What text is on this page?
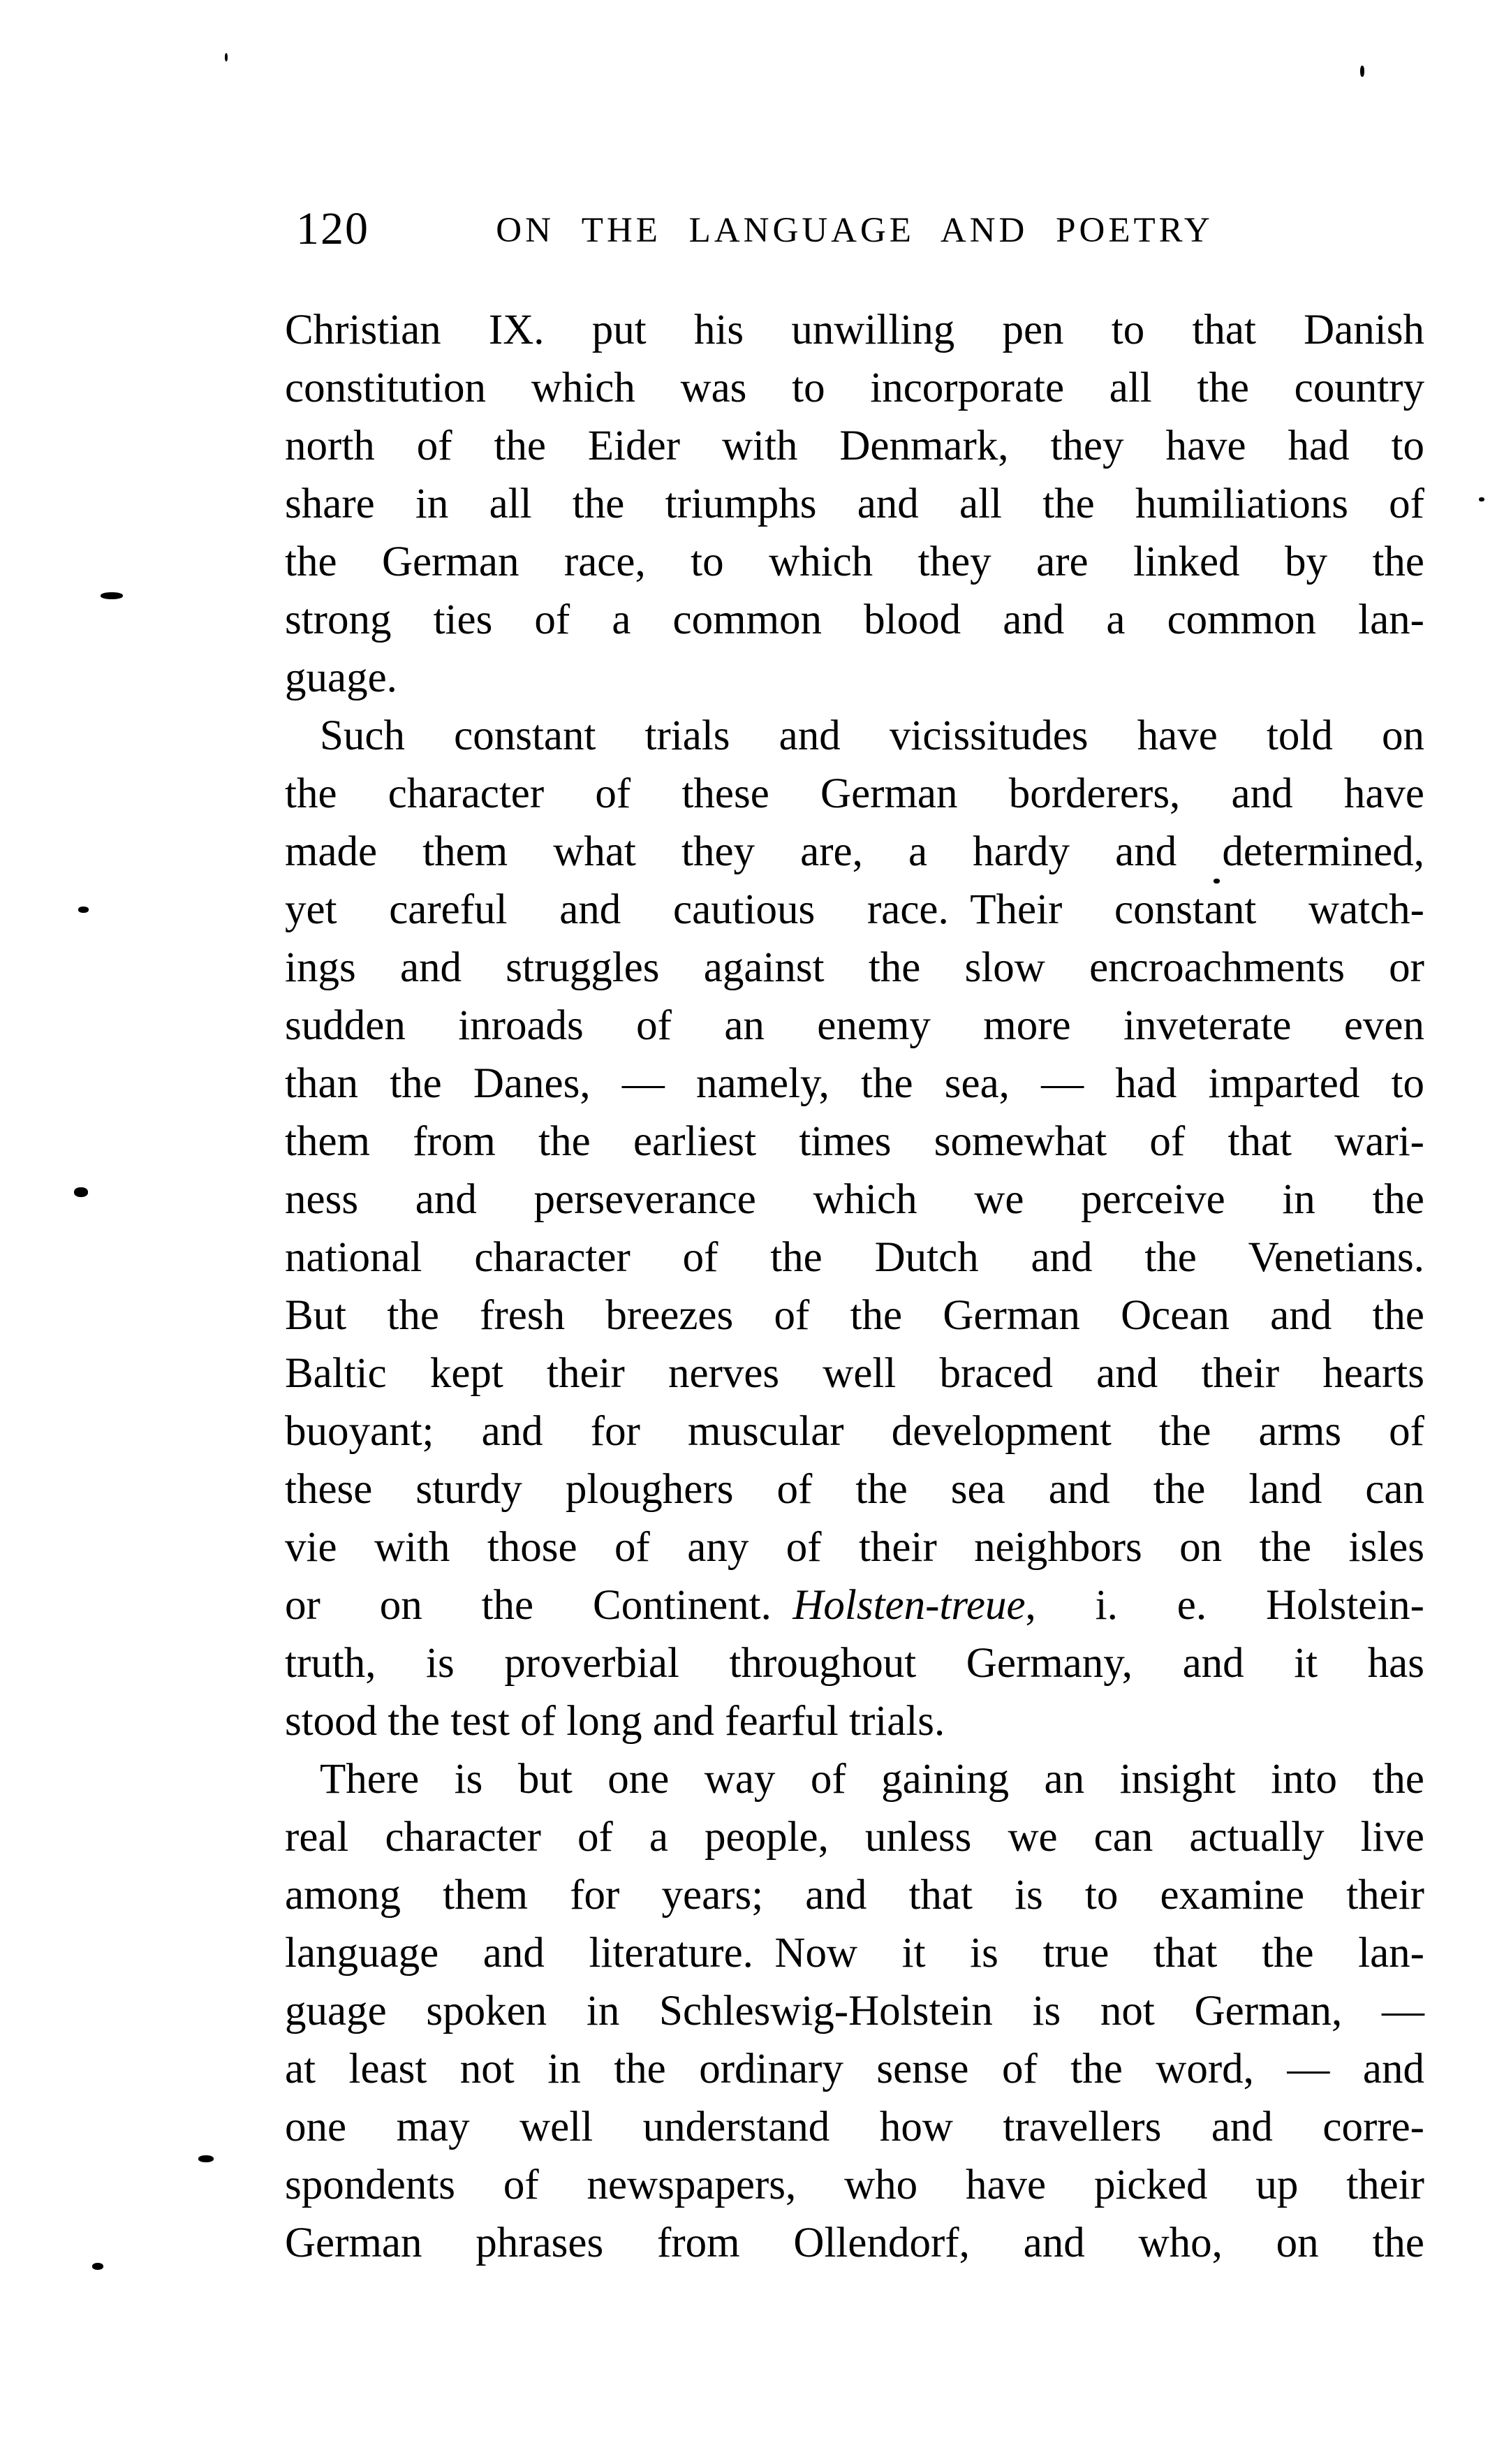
120	ON THE LANGUAGE AND POETRY
Christian IX. put his unwilling pen to that Danish
constitution which was to incorporate all the country
north of the Eider with Denmark, they have had to
share in all the triumphs and all the humiliations of
the German race, to which they are linked by the
strong ties of a common blood and a common lan-
guage.
Such constant trials and vicissitudes have told on
the character of these German borderers, and have
made them what they are, a hardy and determined,
yet careful and cautious race. Their constant watch-
ings and struggles against the slow encroachments or
sudden inroads of an enemy more inveterate even
than the Danes, — namely, the sea, — had imparted to
them from the earliest times somewhat of that wari-
ness and perseverance which we perceive in the
national character of the Dutch and the Venetians.
But the fresh breezes of the German Ocean and the
Baltic kept their nerves well braced and their hearts
buoyant; and for muscular development the arms of
these sturdy ploughers of the sea and the land can
vie with those of any of their neighbors on the isles
or on the Continent. Holsten-treue, i. e. Holstein-
truth, is proverbial throughout Germany, and it has
stood the test of long and fearful trials.
There is but one way of gaining an insight into the
real character of a people, unless we can actually live
among them for years; and that is to examine their
language and literature. Now it is true that the lan-
guage spoken in Schleswig-Holstein is not German, —
at least not in the ordinary sense of the word, — and
one may well understand how travellers and corre-
spondents of newspapers, who have picked up their
German phrases from Ollendorf, and who, on the
